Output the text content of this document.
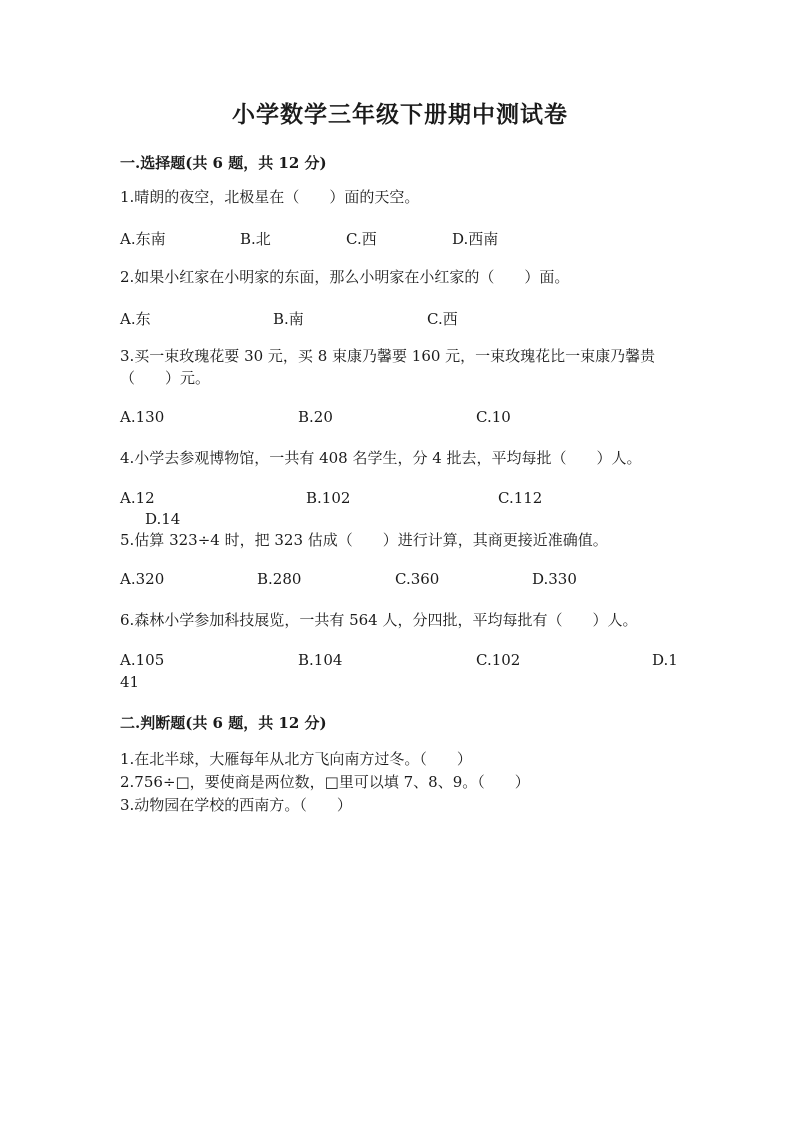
小学数学三年级下册期中测试卷
一.选择题(共 6 题，共 12 分)
1.晴朗的夜空，北极星在（　　）面的天空。
A.东南	B.北	C.西	D.西南
2.如果小红家在小明家的东面，那么小明家在小红家的（　　）面。
A.东	B.南	C.西
3.买一束玫瑰花要 30 元，买 8 束康乃馨要 160 元，一束玫瑰花比一束康乃馨贵（　　）元。
A.130	B.20	C.10
4.小学去参观博物馆，一共有 408 名学生，分 4 批去，平均每批（　　）人。
A.12	B.102	C.112
D.14
5.估算 323÷4 时，把 323 估成（　　）进行计算，其商更接近准确值。
A.320	B.280	C.360	D.330
6.森林小学参加科技展览，一共有 564 人，分四批，平均每批有（　　）人。
A.105	B.104	C.102	D.1
41
二.判断题(共 6 题，共 12 分)
1.在北半球，大雁每年从北方飞向南方过冬。（　　）
2.756÷□，要使商是两位数，□里可以填 7、8、9。（　　）
3.动物园在学校的西南方。（　　）
